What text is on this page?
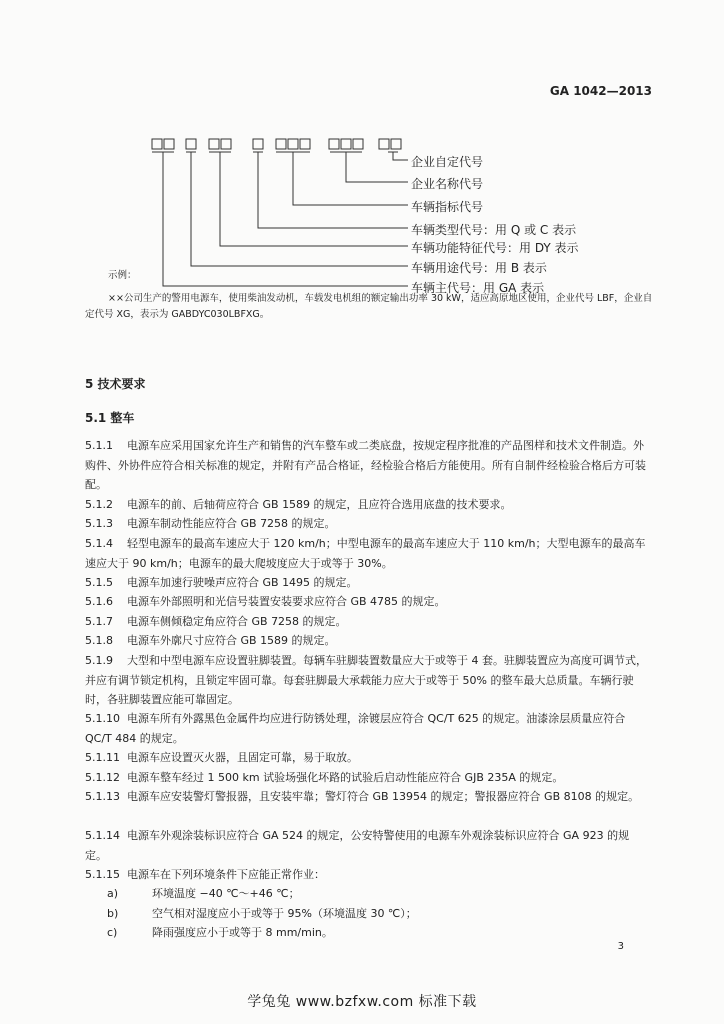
GA 1042—2013
企业自定代号
企业名称代号
车辆指标代号
车辆类型代号：用 Q 或 C 表示
车辆功能特征代号：用 DY 表示
车辆用途代号：用 B 表示
车辆主代号：用 GA 表示
示例：
××公司生产的警用电源车，使用柴油发动机，车载发电机组的额定输出功率 30 kW，适应高原地区使用，企业代号 LBF，企业自定代号 XG，表示为 GABDYC030LBFXG。
5 技术要求
5.1 整车
5.1.1 电源车应采用国家允许生产和销售的汽车整车或二类底盘，按规定程序批准的产品图样和技术文件制造。外购件、外协件应符合相关标准的规定，并附有产品合格证，经检验合格后方能使用。所有自制件经检验合格后方可装配。
5.1.2 电源车的前、后轴荷应符合 GB 1589 的规定，且应符合选用底盘的技术要求。
5.1.3 电源车制动性能应符合 GB 7258 的规定。
5.1.4 轻型电源车的最高车速应大于 120 km/h；中型电源车的最高车速应大于 110 km/h；大型电源车的最高车速应大于 90 km/h；电源车的最大爬坡度应大于或等于 30%。
5.1.5 电源车加速行驶噪声应符合 GB 1495 的规定。
5.1.6 电源车外部照明和光信号装置安装要求应符合 GB 4785 的规定。
5.1.7 电源车侧倾稳定角应符合 GB 7258 的规定。
5.1.8 电源车外廓尺寸应符合 GB 1589 的规定。
5.1.9 大型和中型电源车应设置驻脚装置。每辆车驻脚装置数量应大于或等于 4 套。驻脚装置应为高度可调节式，并应有调节锁定机构，且锁定牢固可靠。每套驻脚最大承载能力应大于或等于 50% 的整车最大总质量。车辆行驶时，各驻脚装置应能可靠固定。
5.1.10 电源车所有外露黑色金属件均应进行防锈处理，涂镀层应符合 QC/T 625 的规定。油漆涂层质量应符合 QC/T 484 的规定。
5.1.11 电源车应设置灭火器，且固定可靠，易于取放。
5.1.12 电源车整车经过 1 500 km 试验场强化坏路的试验后启动性能应符合 GJB 235A 的规定。
5.1.13 电源车应安装警灯警报器，且安装牢靠；警灯符合 GB 13954 的规定；警报器应符合 GB 8108 的规定。
5.1.14 电源车外观涂装标识应符合 GA 524 的规定，公安特警使用的电源车外观涂装标识应符合 GA 923 的规定。
5.1.15 电源车在下列环境条件下应能正常作业：
a)	环境温度 −40 ℃～+46 ℃；
b)	空气相对湿度应小于或等于 95%（环境温度 30 ℃）；
c)	降雨强度应小于或等于 8 mm/min。
3
学兔兔 www.bzfxw.com 标准下载
